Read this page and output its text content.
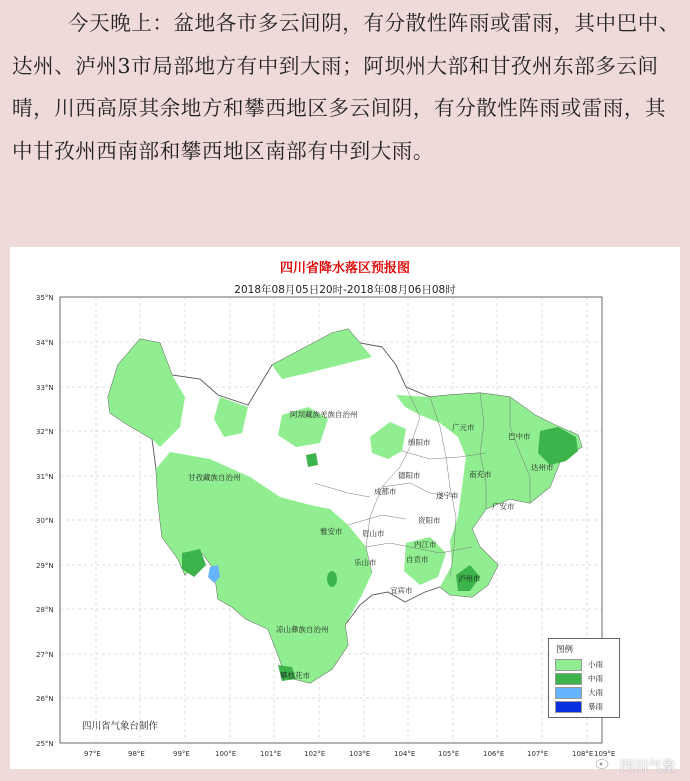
今天晚上：盆地各市多云间阴，有分散性阵雨或雷雨，其中巴中、达州、泸州3市局部地方有中到大雨；阿坝州大部和甘孜州东部多云间晴，川西高原其余地方和攀西地区多云间阴，有分散性阵雨或雷雨，其中甘孜州西南部和攀西地区南部有中到大雨。

35°N
34°N
33°N
32°N
31°N
30°N
29°N
28°N
27°N
26°N
25°N
97°E	98°E	99°E	100°E	101°E	102°E	103°E	104°E	105°E	106°E	107°E	108°E 109°E
阿坝藏族羌族自治州
甘孜藏族自治州
凉山彝族自治州
广元市
巴中市
绵阳市
达州市
南充市
德阳市
成都市	遂宁市
广安市
资阳市
雅安市	眉山市
内江市
乐山市	自贡市
宜宾市
泸州市
攀枝花市
四川省降水落区预报图
2018年08月05日20时-2018年08月06日08时
图例
小雨
中雨
大雨
暴雨
四川省气象台制作
四川气象
